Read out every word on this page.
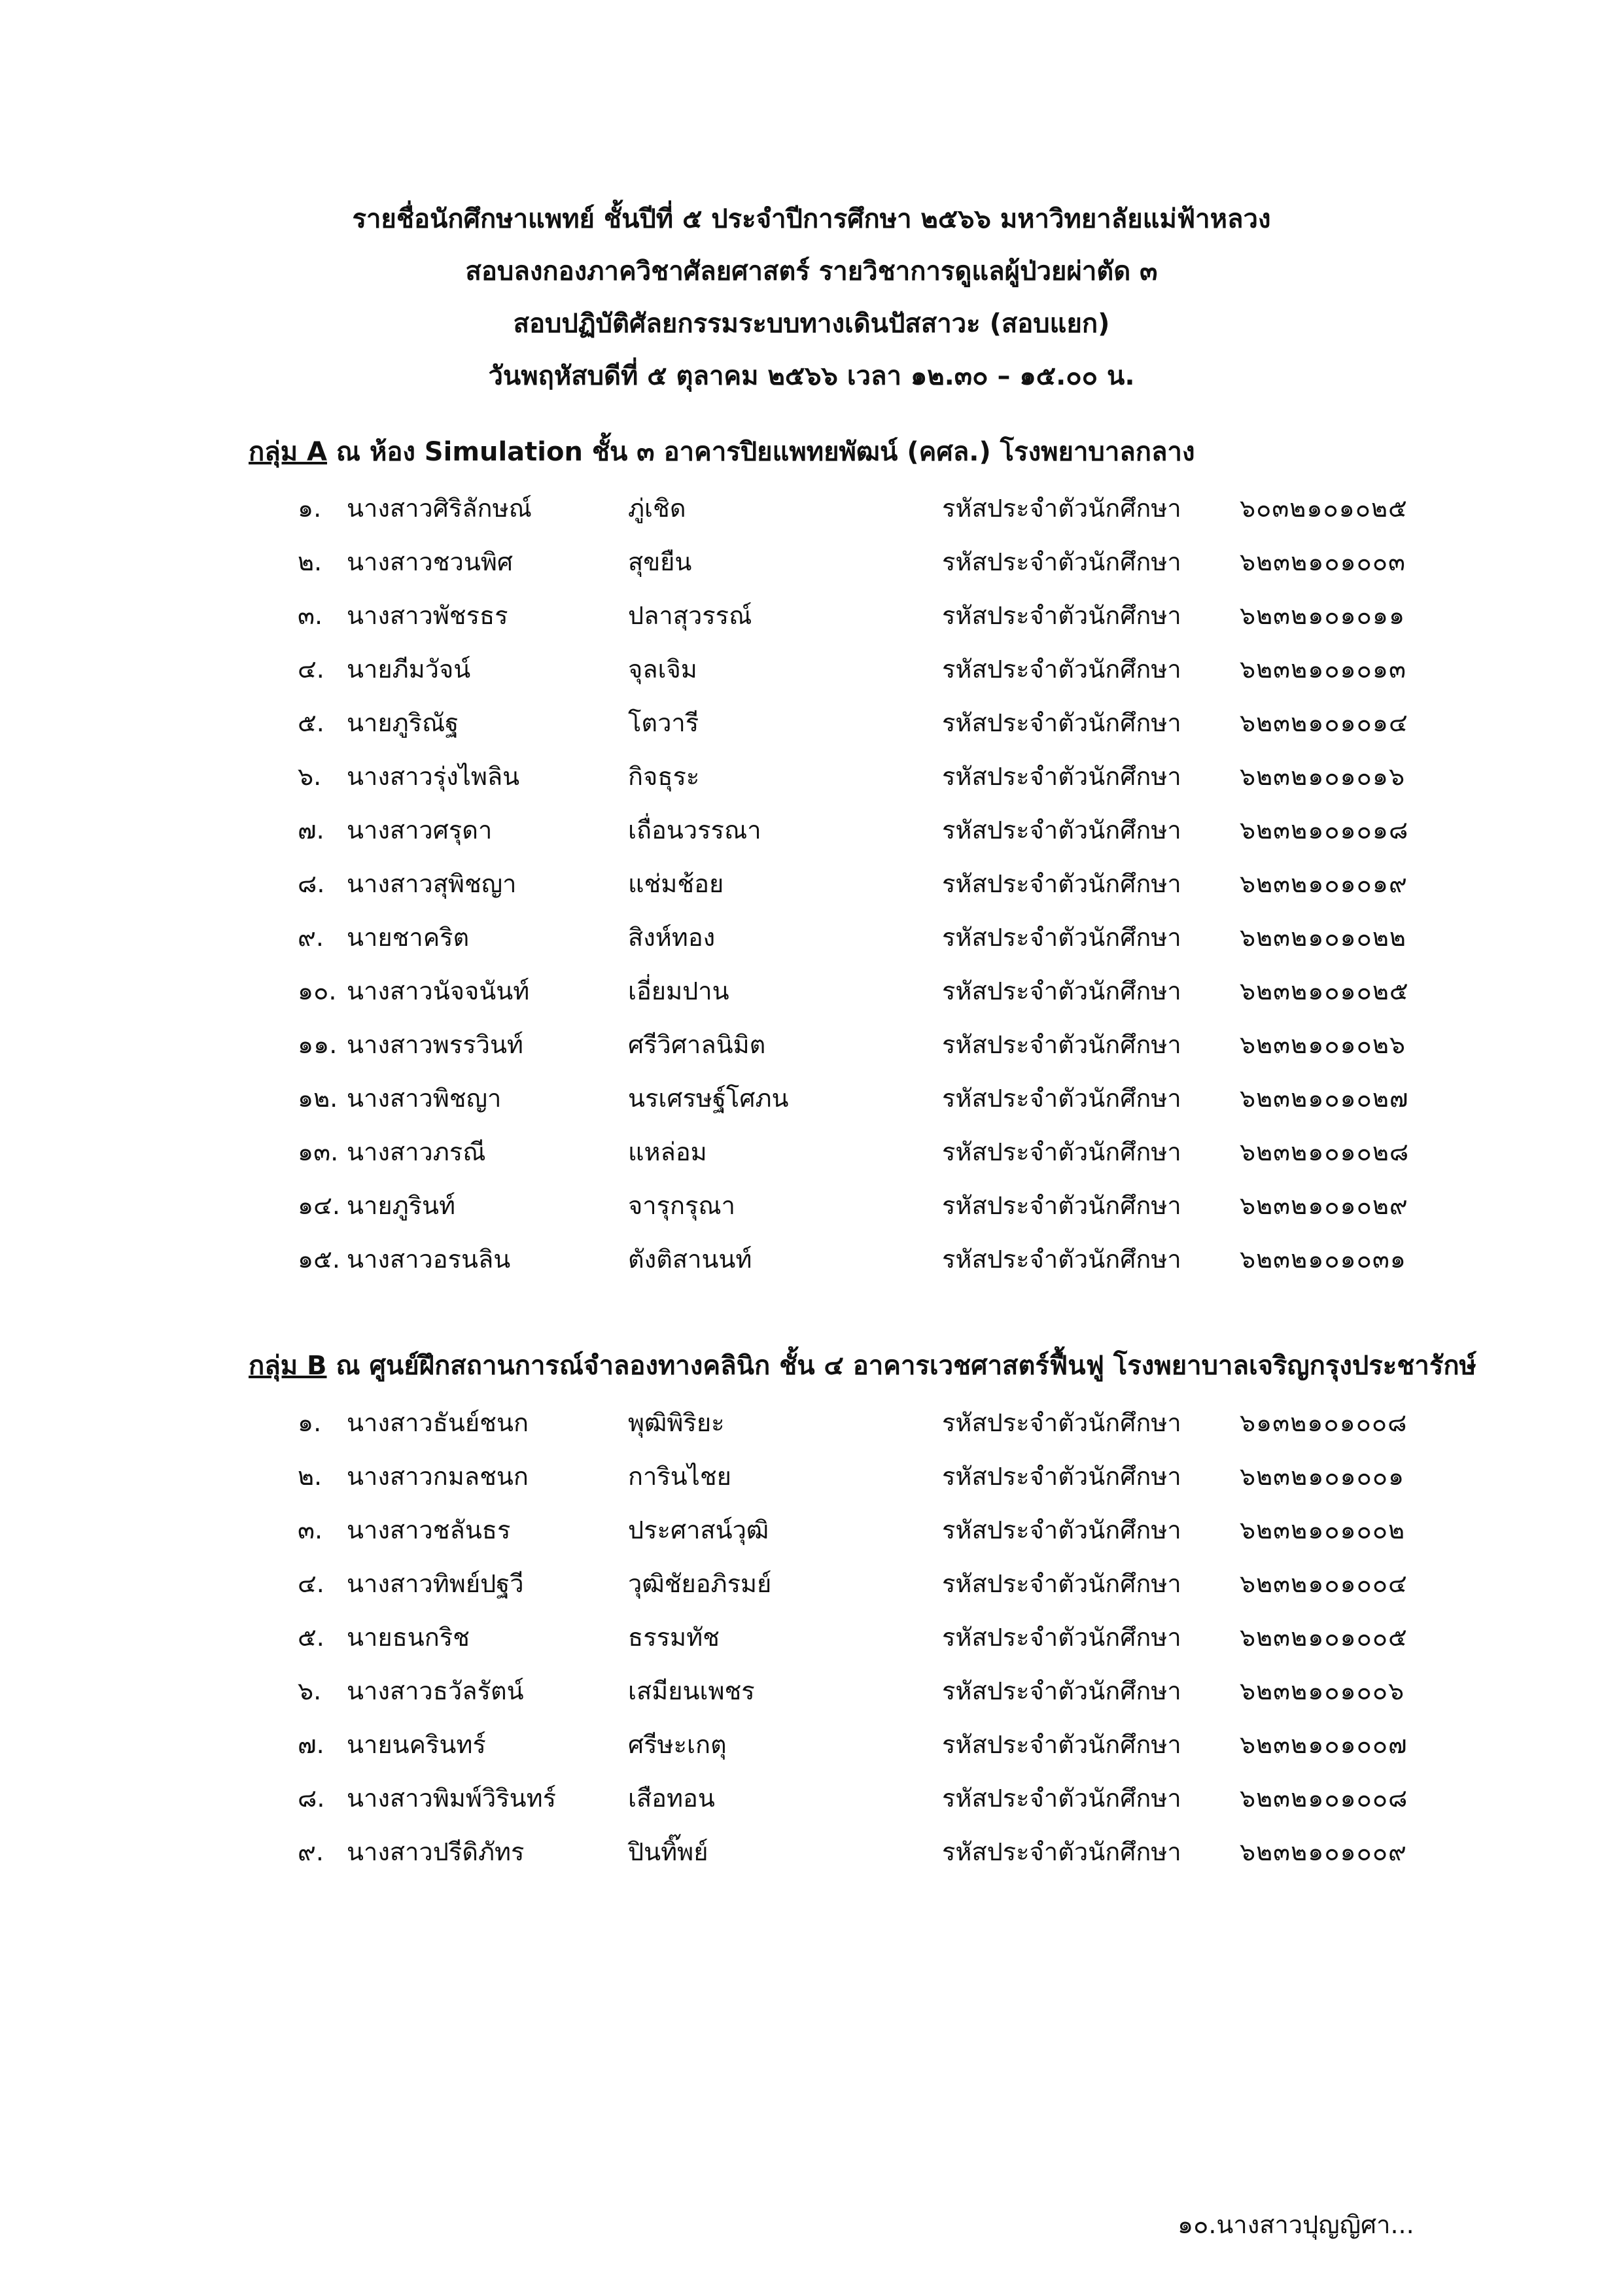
รายชื่อนักศึกษาแพทย์ ชั้นปีที่ ๕ ประจำปีการศึกษา ๒๕๖๖ มหาวิทยาลัยแม่ฟ้าหลวง
สอบลงกองภาควิชาศัลยศาสตร์ รายวิชาการดูแลผู้ป่วยผ่าตัด ๓
สอบปฏิบัติศัลยกรรมระบบทางเดินปัสสาวะ (สอบแยก)
วันพฤหัสบดีที่ ๕ ตุลาคม ๒๕๖๖ เวลา ๑๒.๓๐ – ๑๕.๐๐ น.
กลุ่ม A ณ ห้อง Simulation ชั้น ๓ อาคารปิยแพทยพัฒน์ (คศล.) โรงพยาบาลกลาง
๑. นางสาวศิริลักษณ์	ภู่เชิด	รหัสประจำตัวนักศึกษา ๖๐๓๒๑๐๑๐๒๕
๒. นางสาวชวนพิศ	สุขยืน	รหัสประจำตัวนักศึกษา ๖๒๓๒๑๐๑๐๐๓
๓. นางสาวพัชรธร	ปลาสุวรรณ์	รหัสประจำตัวนักศึกษา ๖๒๓๒๑๐๑๐๑๑
๔. นายภีมวัจน์	จุลเจิม	รหัสประจำตัวนักศึกษา ๖๒๓๒๑๐๑๐๑๓
๕. นายภูริณัฐ	โตวารี	รหัสประจำตัวนักศึกษา ๖๒๓๒๑๐๑๐๑๔
๖. นางสาวรุ่งไพลิน	กิจธุระ	รหัสประจำตัวนักศึกษา ๖๒๓๒๑๐๑๐๑๖
๗. นางสาวศรุดา	เถื่อนวรรณา	รหัสประจำตัวนักศึกษา ๖๒๓๒๑๐๑๐๑๘
๘. นางสาวสุพิชญา	แช่มช้อย	รหัสประจำตัวนักศึกษา ๖๒๓๒๑๐๑๐๑๙
๙. นายชาคริต	สิงห์ทอง	รหัสประจำตัวนักศึกษา ๖๒๓๒๑๐๑๐๒๒
๑๐. นางสาวนัจจนันท์	เอี่ยมปาน	รหัสประจำตัวนักศึกษา ๖๒๓๒๑๐๑๐๒๕
๑๑. นางสาวพรรวินท์	ศรีวิศาลนิมิต	รหัสประจำตัวนักศึกษา ๖๒๓๒๑๐๑๐๒๖
๑๒. นางสาวพิชญา	นรเศรษฐ์โศภน	รหัสประจำตัวนักศึกษา ๖๒๓๒๑๐๑๐๒๗
๑๓. นางสาวภรณี	แหล่อม	รหัสประจำตัวนักศึกษา ๖๒๓๒๑๐๑๐๒๘
๑๔. นายภูรินท์	จารุกรุณา	รหัสประจำตัวนักศึกษา ๖๒๓๒๑๐๑๐๒๙
๑๕. นางสาวอรนลิน	ตังติสานนท์	รหัสประจำตัวนักศึกษา ๖๒๓๒๑๐๑๐๓๑
กลุ่ม B ณ ศูนย์ฝึกสถานการณ์จำลองทางคลินิก ชั้น ๔ อาคารเวชศาสตร์ฟื้นฟู โรงพยาบาลเจริญกรุงประชารักษ์
๑. นางสาวธันย์ชนก	พุฒิพิริยะ	รหัสประจำตัวนักศึกษา ๖๑๓๒๑๐๑๐๐๘
๒. นางสาวกมลชนก	การินไชย	รหัสประจำตัวนักศึกษา ๖๒๓๒๑๐๑๐๐๑
๓. นางสาวชลันธร	ประศาสน์วุฒิ	รหัสประจำตัวนักศึกษา ๖๒๓๒๑๐๑๐๐๒
๔. นางสาวทิพย์ปฐวี	วุฒิชัยอภิรมย์	รหัสประจำตัวนักศึกษา ๖๒๓๒๑๐๑๐๐๔
๕. นายธนกริช	ธรรมทัช	รหัสประจำตัวนักศึกษา ๖๒๓๒๑๐๑๐๐๕
๖. นางสาวธวัลรัตน์	เสมียนเพชร	รหัสประจำตัวนักศึกษา ๖๒๓๒๑๐๑๐๐๖
๗. นายนครินทร์	ศรีษะเกตุ	รหัสประจำตัวนักศึกษา ๖๒๓๒๑๐๑๐๐๗
๘. นางสาวพิมพ์วิรินทร์	เสือทอน	รหัสประจำตัวนักศึกษา ๖๒๓๒๑๐๑๐๐๘
๙. นางสาวปรีดิภัทร	ปินทิ๊พย์	รหัสประจำตัวนักศึกษา ๖๒๓๒๑๐๑๐๐๙
๑๐.นางสาวปุญญิศา...
